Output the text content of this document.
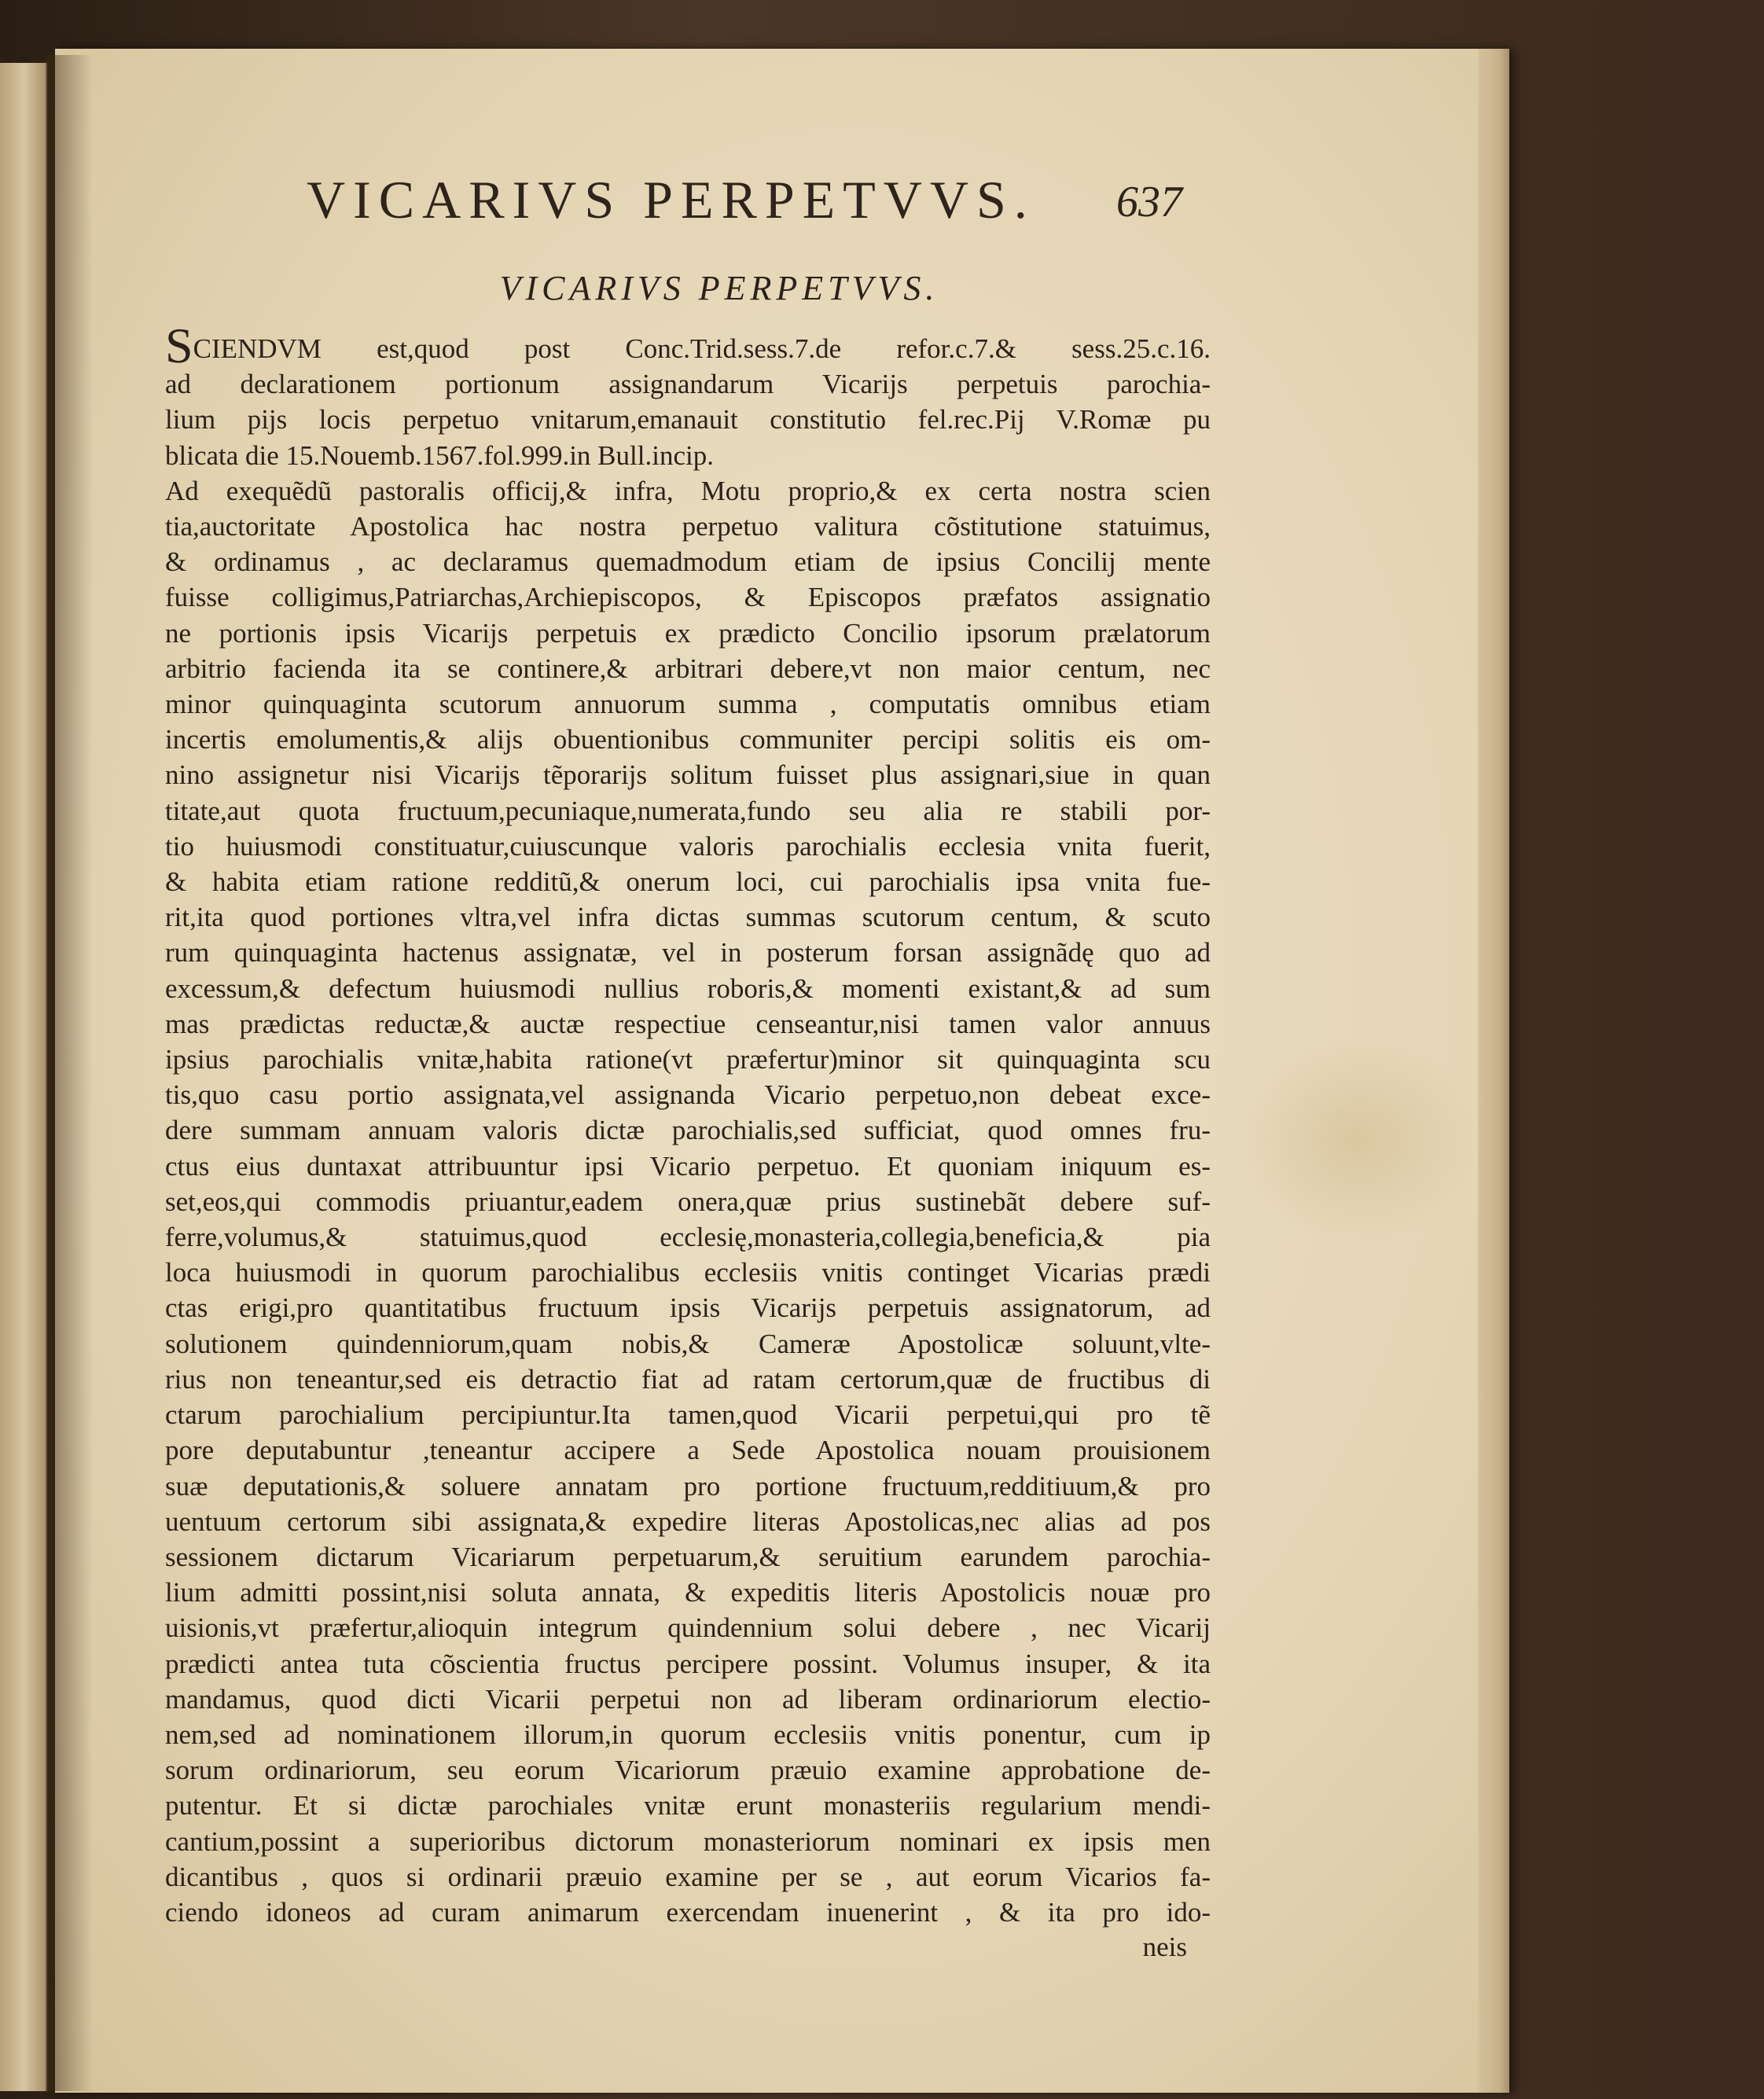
VICARIVS PERPETVVS. 637
VICARIVS PERPETVVS.
SCIENDVM est,quod post Conc.Trid.sess.7.de refor.c.7.& sess.25.c.16.
ad declarationem portionum assignandarum Vicarijs perpetuis parochia-
lium pijs locis perpetuo vnitarum,emanauit constitutio fel.rec.Pij V.Romæ pu
blicata die 15.Nouemb.1567.fol.999.in Bull.incip.
Ad exequẽdũ pastoralis officij,& infra, Motu proprio,& ex certa nostra scien
tia,auctoritate Apostolica hac nostra perpetuo valitura cõstitutione statuimus,
& ordinamus , ac declaramus quemadmodum etiam de ipsius Concilij mente
fuisse colligimus,Patriarchas,Archiepiscopos, & Episcopos præfatos assignatio
ne portionis ipsis Vicarijs perpetuis ex prædicto Concilio ipsorum prælatorum
arbitrio facienda ita se continere,& arbitrari debere,vt non maior centum, nec
minor quinquaginta scutorum annuorum summa , computatis omnibus etiam
incertis emolumentis,& alijs obuentionibus communiter percipi solitis eis om-
nino assignetur nisi Vicarijs tẽporarijs solitum fuisset plus assignari,siue in quan
titate,aut quota fructuum,pecuniaque,numerata,fundo seu alia re stabili por-
tio huiusmodi constituatur,cuiuscunque valoris parochialis ecclesia vnita fuerit,
& habita etiam ratione redditũ,& onerum loci, cui parochialis ipsa vnita fue-
rit,ita quod portiones vltra,vel infra dictas summas scutorum centum, & scuto
rum quinquaginta hactenus assignatæ, vel in posterum forsan assignãdę quo ad
excessum,& defectum huiusmodi nullius roboris,& momenti existant,& ad sum
mas prædictas reductæ,& auctæ respectiue censeantur,nisi tamen valor annuus
ipsius parochialis vnitæ,habita ratione(vt præfertur)minor sit quinquaginta scu
tis,quo casu portio assignata,vel assignanda Vicario perpetuo,non debeat exce-
dere summam annuam valoris dictæ parochialis,sed sufficiat, quod omnes fru-
ctus eius duntaxat attribuuntur ipsi Vicario perpetuo. Et quoniam iniquum es-
set,eos,qui commodis priuantur,eadem onera,quæ prius sustinebãt debere suf-
ferre,volumus,& statuimus,quod ecclesię,monasteria,collegia,beneficia,& pia
loca huiusmodi in quorum parochialibus ecclesiis vnitis continget Vicarias prædi
ctas erigi,pro quantitatibus fructuum ipsis Vicarijs perpetuis assignatorum, ad
solutionem quindenniorum,quam nobis,& Cameræ Apostolicæ soluunt,vlte-
rius non teneantur,sed eis detractio fiat ad ratam certorum,quæ de fructibus di
ctarum parochialium percipiuntur.Ita tamen,quod Vicarii perpetui,qui pro tẽ
pore deputabuntur ,teneantur accipere a Sede Apostolica nouam prouisionem
suæ deputationis,& soluere annatam pro portione fructuum,redditiuum,& pro
uentuum certorum sibi assignata,& expedire literas Apostolicas,nec alias ad pos
sessionem dictarum Vicariarum perpetuarum,& seruitium earundem parochia-
lium admitti possint,nisi soluta annata, & expeditis literis Apostolicis nouæ pro
uisionis,vt præfertur,alioquin integrum quindennium solui debere , nec Vicarij
prædicti antea tuta cõscientia fructus percipere possint. Volumus insuper, & ita
mandamus, quod dicti Vicarii perpetui non ad liberam ordinariorum electio-
nem,sed ad nominationem illorum,in quorum ecclesiis vnitis ponentur, cum ip
sorum ordinariorum, seu eorum Vicariorum præuio examine approbatione de-
putentur. Et si dictæ parochiales vnitæ erunt monasteriis regularium mendi-
cantium,possint a superioribus dictorum monasteriorum nominari ex ipsis men
dicantibus , quos si ordinarii præuio examine per se , aut eorum Vicarios fa-
ciendo idoneos ad curam animarum exercendam inuenerint , & ita pro ido-
neis
